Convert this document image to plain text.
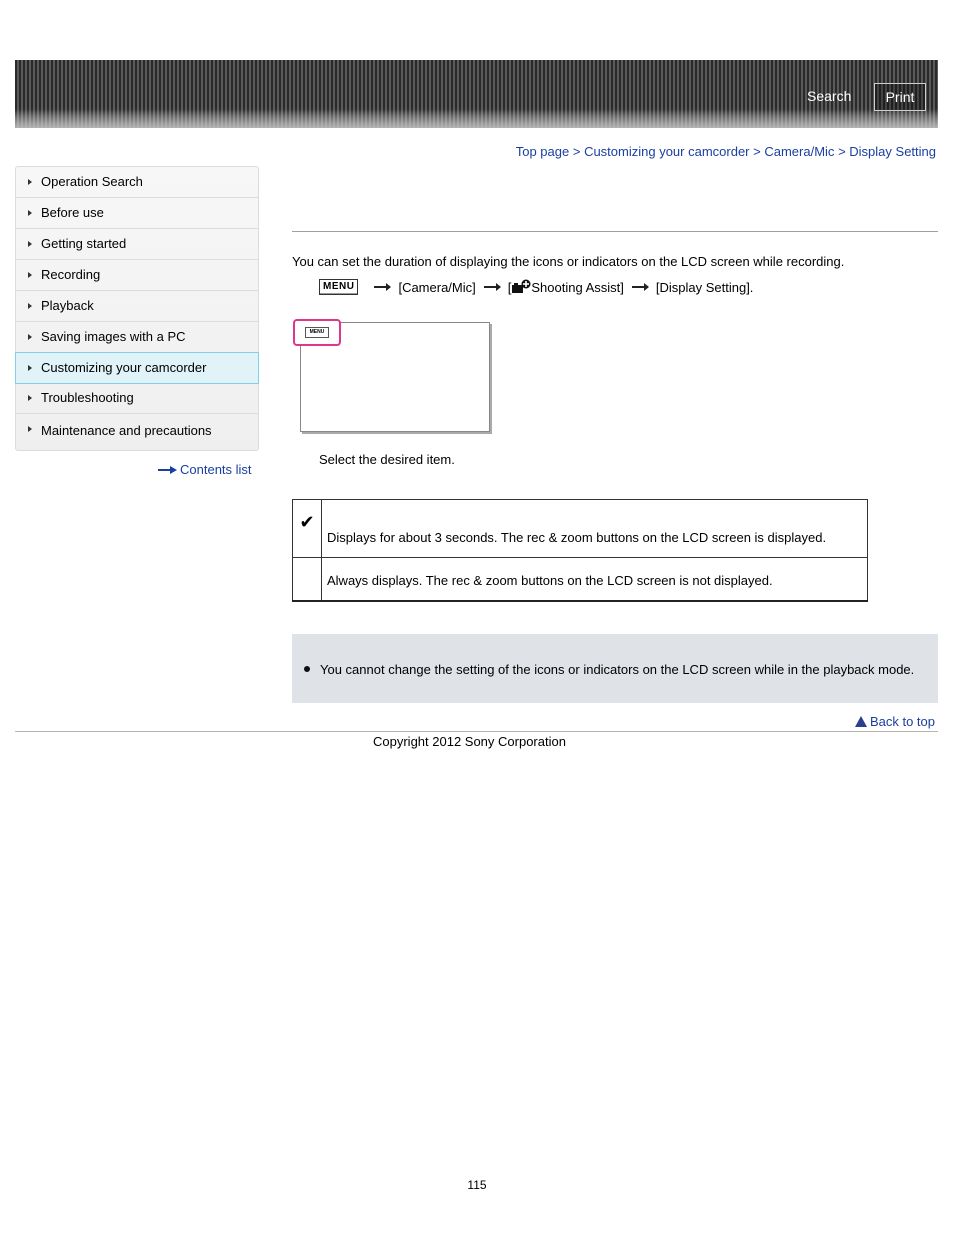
Search	Print
Top page > Customizing your camcorder > Camera/Mic > Display Setting
Operation Search
Before use
Getting started
Recording
Playback
Saving images with a PC
Customizing your camcorder
Troubleshooting
Maintenance and precautions
Contents list
You can set the duration of displaying the icons or indicators on the LCD screen while recording.
MENU	[Camera/Mic] [ Shooting Assist] [Display Setting].
MENU
Select the desired item.
✔	Displays for about 3 seconds. The rec & zoom buttons on the LCD screen is displayed.
	Always displays. The rec & zoom buttons on the LCD screen is not displayed.
You cannot change the setting of the icons or indicators on the LCD screen while in the playback mode.
Back to top
Copyright 2012 Sony Corporation
115
